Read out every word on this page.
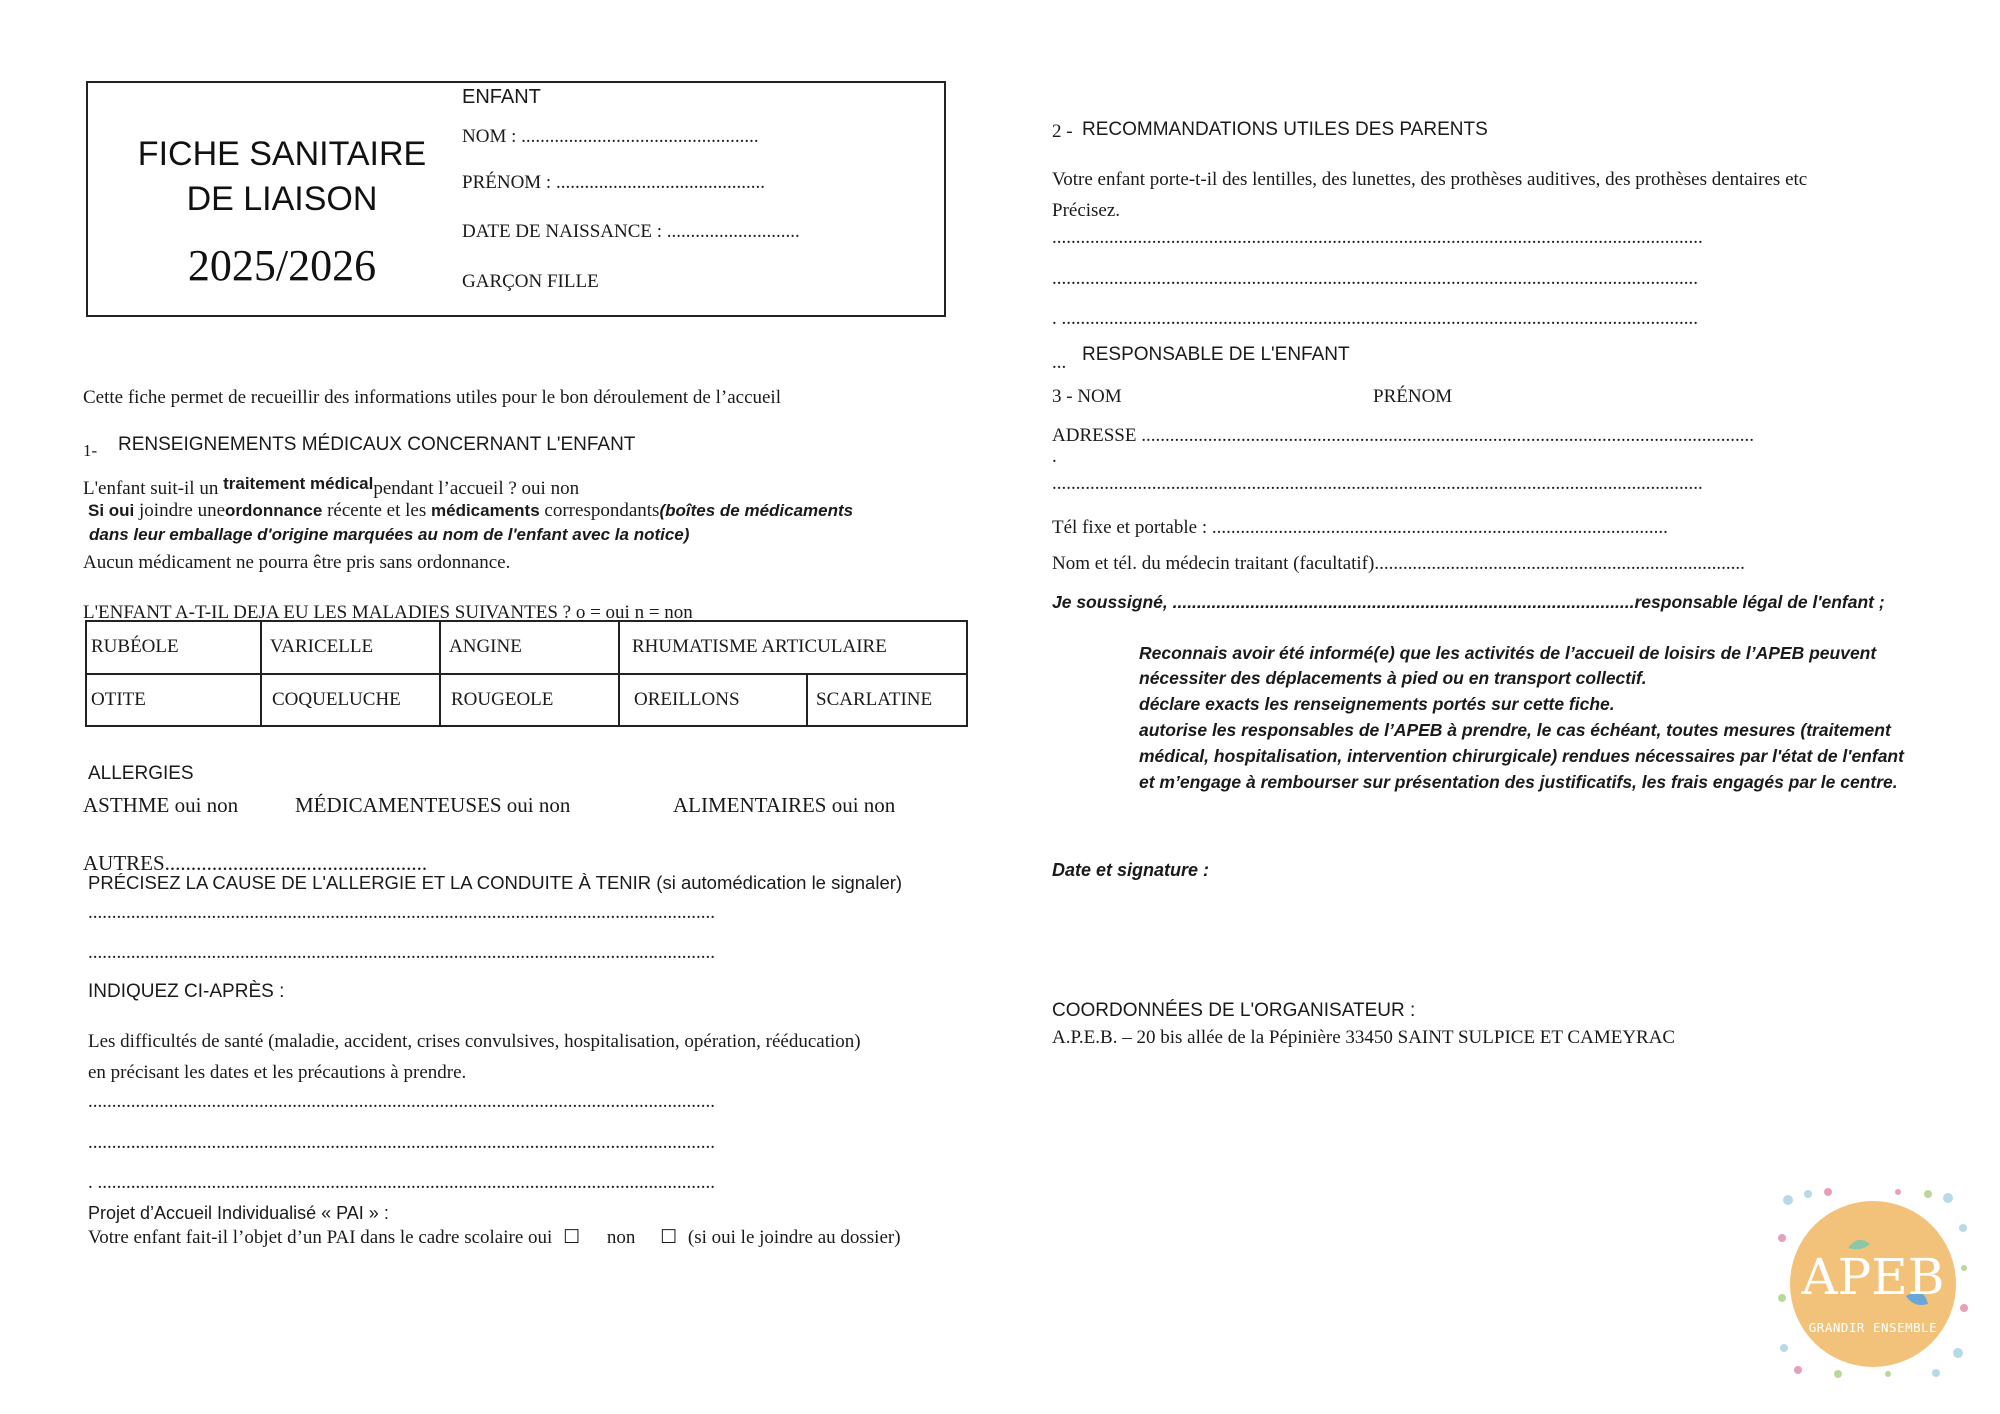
FICHE SANITAIRE
DE LIAISON
2025/2026
ENFANT
NOM : ..................................................
PRÉNOM : ............................................
DATE DE NAISSANCE : ............................
GARÇON FILLE
Cette fiche permet de recueillir des informations utiles pour le bon déroulement de l’accueil
1- RENSEIGNEMENTS MÉDICAUX CONCERNANT L'ENFANT
L'enfant suit-il un traitement médicalpendant l’accueil ? oui non
Si oui joindre uneordonnance récente et les médicaments correspondants(boîtes de médicaments
dans leur emballage d'origine marquées au nom de l'enfant avec la notice)
Aucun médicament ne pourra être pris sans ordonnance.
L'ENFANT A-T-IL DEJA EU LES MALADIES SUIVANTES ? o = oui n = non
RUBÉOLE	VARICELLE	ANGINE	RHUMATISME ARTICULAIRE	
OTITE	COQUELUCHE	ROUGEOLE	OREILLONS	SCARLATINE
ALLERGIES
ASTHME oui non	MÉDICAMENTEUSES oui non	ALIMENTAIRES oui non
AUTRES..................................................
PRÉCISEZ LA CAUSE DE L'ALLERGIE ET LA CONDUITE À TENIR (si automédication le signaler)
....................................................................................................................................
....................................................................................................................................
INDIQUEZ CI-APRÈS :
Les difficultés de santé (maladie, accident, crises convulsives, hospitalisation, opération, rééducation)
en précisant les dates et les précautions à prendre.
....................................................................................................................................
....................................................................................................................................
. ..................................................................................................................................
Projet d’Accueil Individualisé « PAI » :
Votre enfant fait-il l’objet d’un PAI dans le cadre scolaire oui ☐ non ☐ (si oui le joindre au dossier)
2 - RECOMMANDATIONS UTILES DES PARENTS
Votre enfant porte-t-il des lentilles, des lunettes, des prothèses auditives, des prothèses dentaires etc
Précisez.
.........................................................................................................................................
........................................................................................................................................
. ......................................................................................................................................
... RESPONSABLE DE L'ENFANT
3 - NOM	PRÉNOM
ADRESSE .................................................................................................................................
.
.........................................................................................................................................
Tél fixe et portable : ................................................................................................
Nom et tél. du médecin traitant (facultatif)..............................................................................
Je soussigné, ...............................................................................................responsable légal de l'enfant ;
Reconnais avoir été informé(e) que les activités de l’accueil de loisirs de l’APEB peuvent
nécessiter des déplacements à pied ou en transport collectif.
déclare exacts les renseignements portés sur cette fiche.
autorise les responsables de l’APEB à prendre, le cas échéant, toutes mesures (traitement
médical, hospitalisation, intervention chirurgicale) rendues nécessaires par l'état de l'enfant
et m’engage à rembourser sur présentation des justificatifs, les frais engagés par le centre.
Date et signature :
COORDONNÉES DE L'ORGANISATEUR :
A.P.E.B. – 20 bis allée de la Pépinière 33450 SAINT SULPICE ET CAMEYRAC
APEB
GRANDIR ENSEMBLE
